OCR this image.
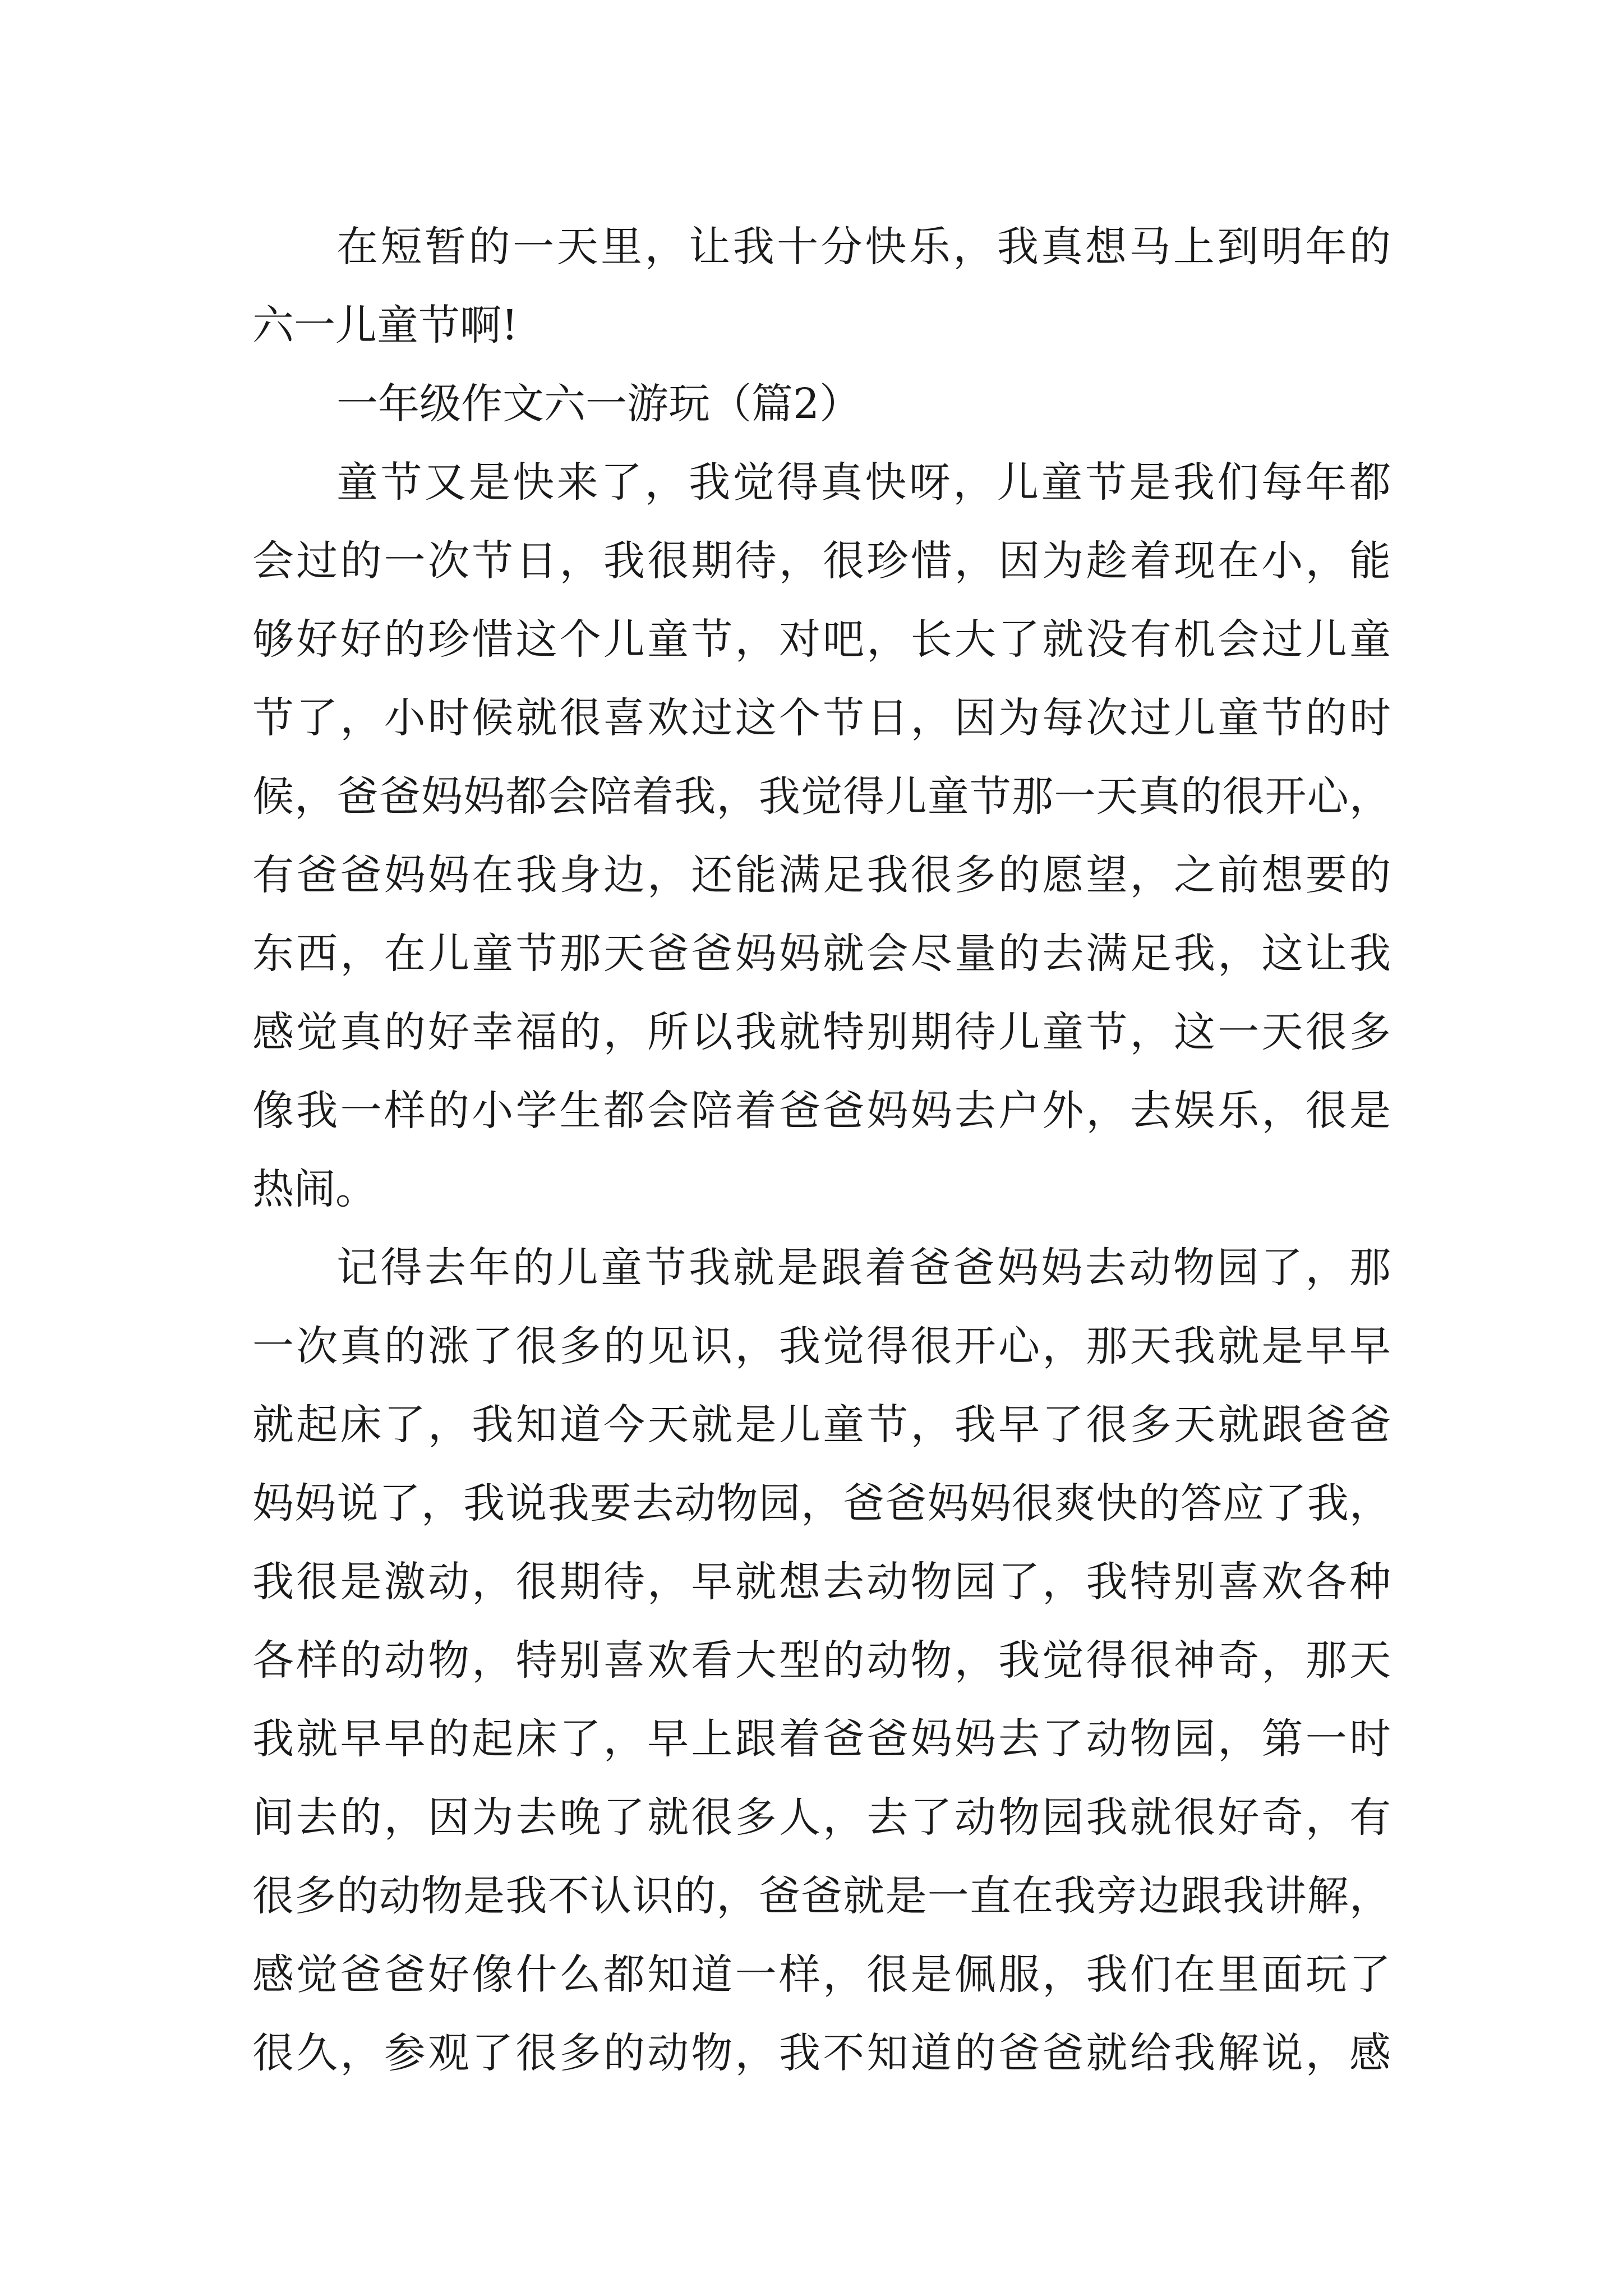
在短暂的一天里，让我十分快乐，我真想马上到明年的
六一儿童节啊!
一年级作文六一游玩（篇2）
童节又是快来了，我觉得真快呀，儿童节是我们每年都
会过的一次节日，我很期待，很珍惜，因为趁着现在小，能
够好好的珍惜这个儿童节，对吧，长大了就没有机会过儿童
节了，小时候就很喜欢过这个节日，因为每次过儿童节的时
候，爸爸妈妈都会陪着我，我觉得儿童节那一天真的很开心，
有爸爸妈妈在我身边，还能满足我很多的愿望，之前想要的
东西，在儿童节那天爸爸妈妈就会尽量的去满足我，这让我
感觉真的好幸福的，所以我就特别期待儿童节，这一天很多
像我一样的小学生都会陪着爸爸妈妈去户外，去娱乐，很是
热闹。
记得去年的儿童节我就是跟着爸爸妈妈去动物园了，那
一次真的涨了很多的见识，我觉得很开心，那天我就是早早
就起床了，我知道今天就是儿童节，我早了很多天就跟爸爸
妈妈说了，我说我要去动物园，爸爸妈妈很爽快的答应了我，
我很是激动，很期待，早就想去动物园了，我特别喜欢各种
各样的动物，特别喜欢看大型的动物，我觉得很神奇，那天
我就早早的起床了，早上跟着爸爸妈妈去了动物园，第一时
间去的，因为去晚了就很多人，去了动物园我就很好奇，有
很多的动物是我不认识的，爸爸就是一直在我旁边跟我讲解，
感觉爸爸好像什么都知道一样，很是佩服，我们在里面玩了
很久，参观了很多的动物，我不知道的爸爸就给我解说，感
